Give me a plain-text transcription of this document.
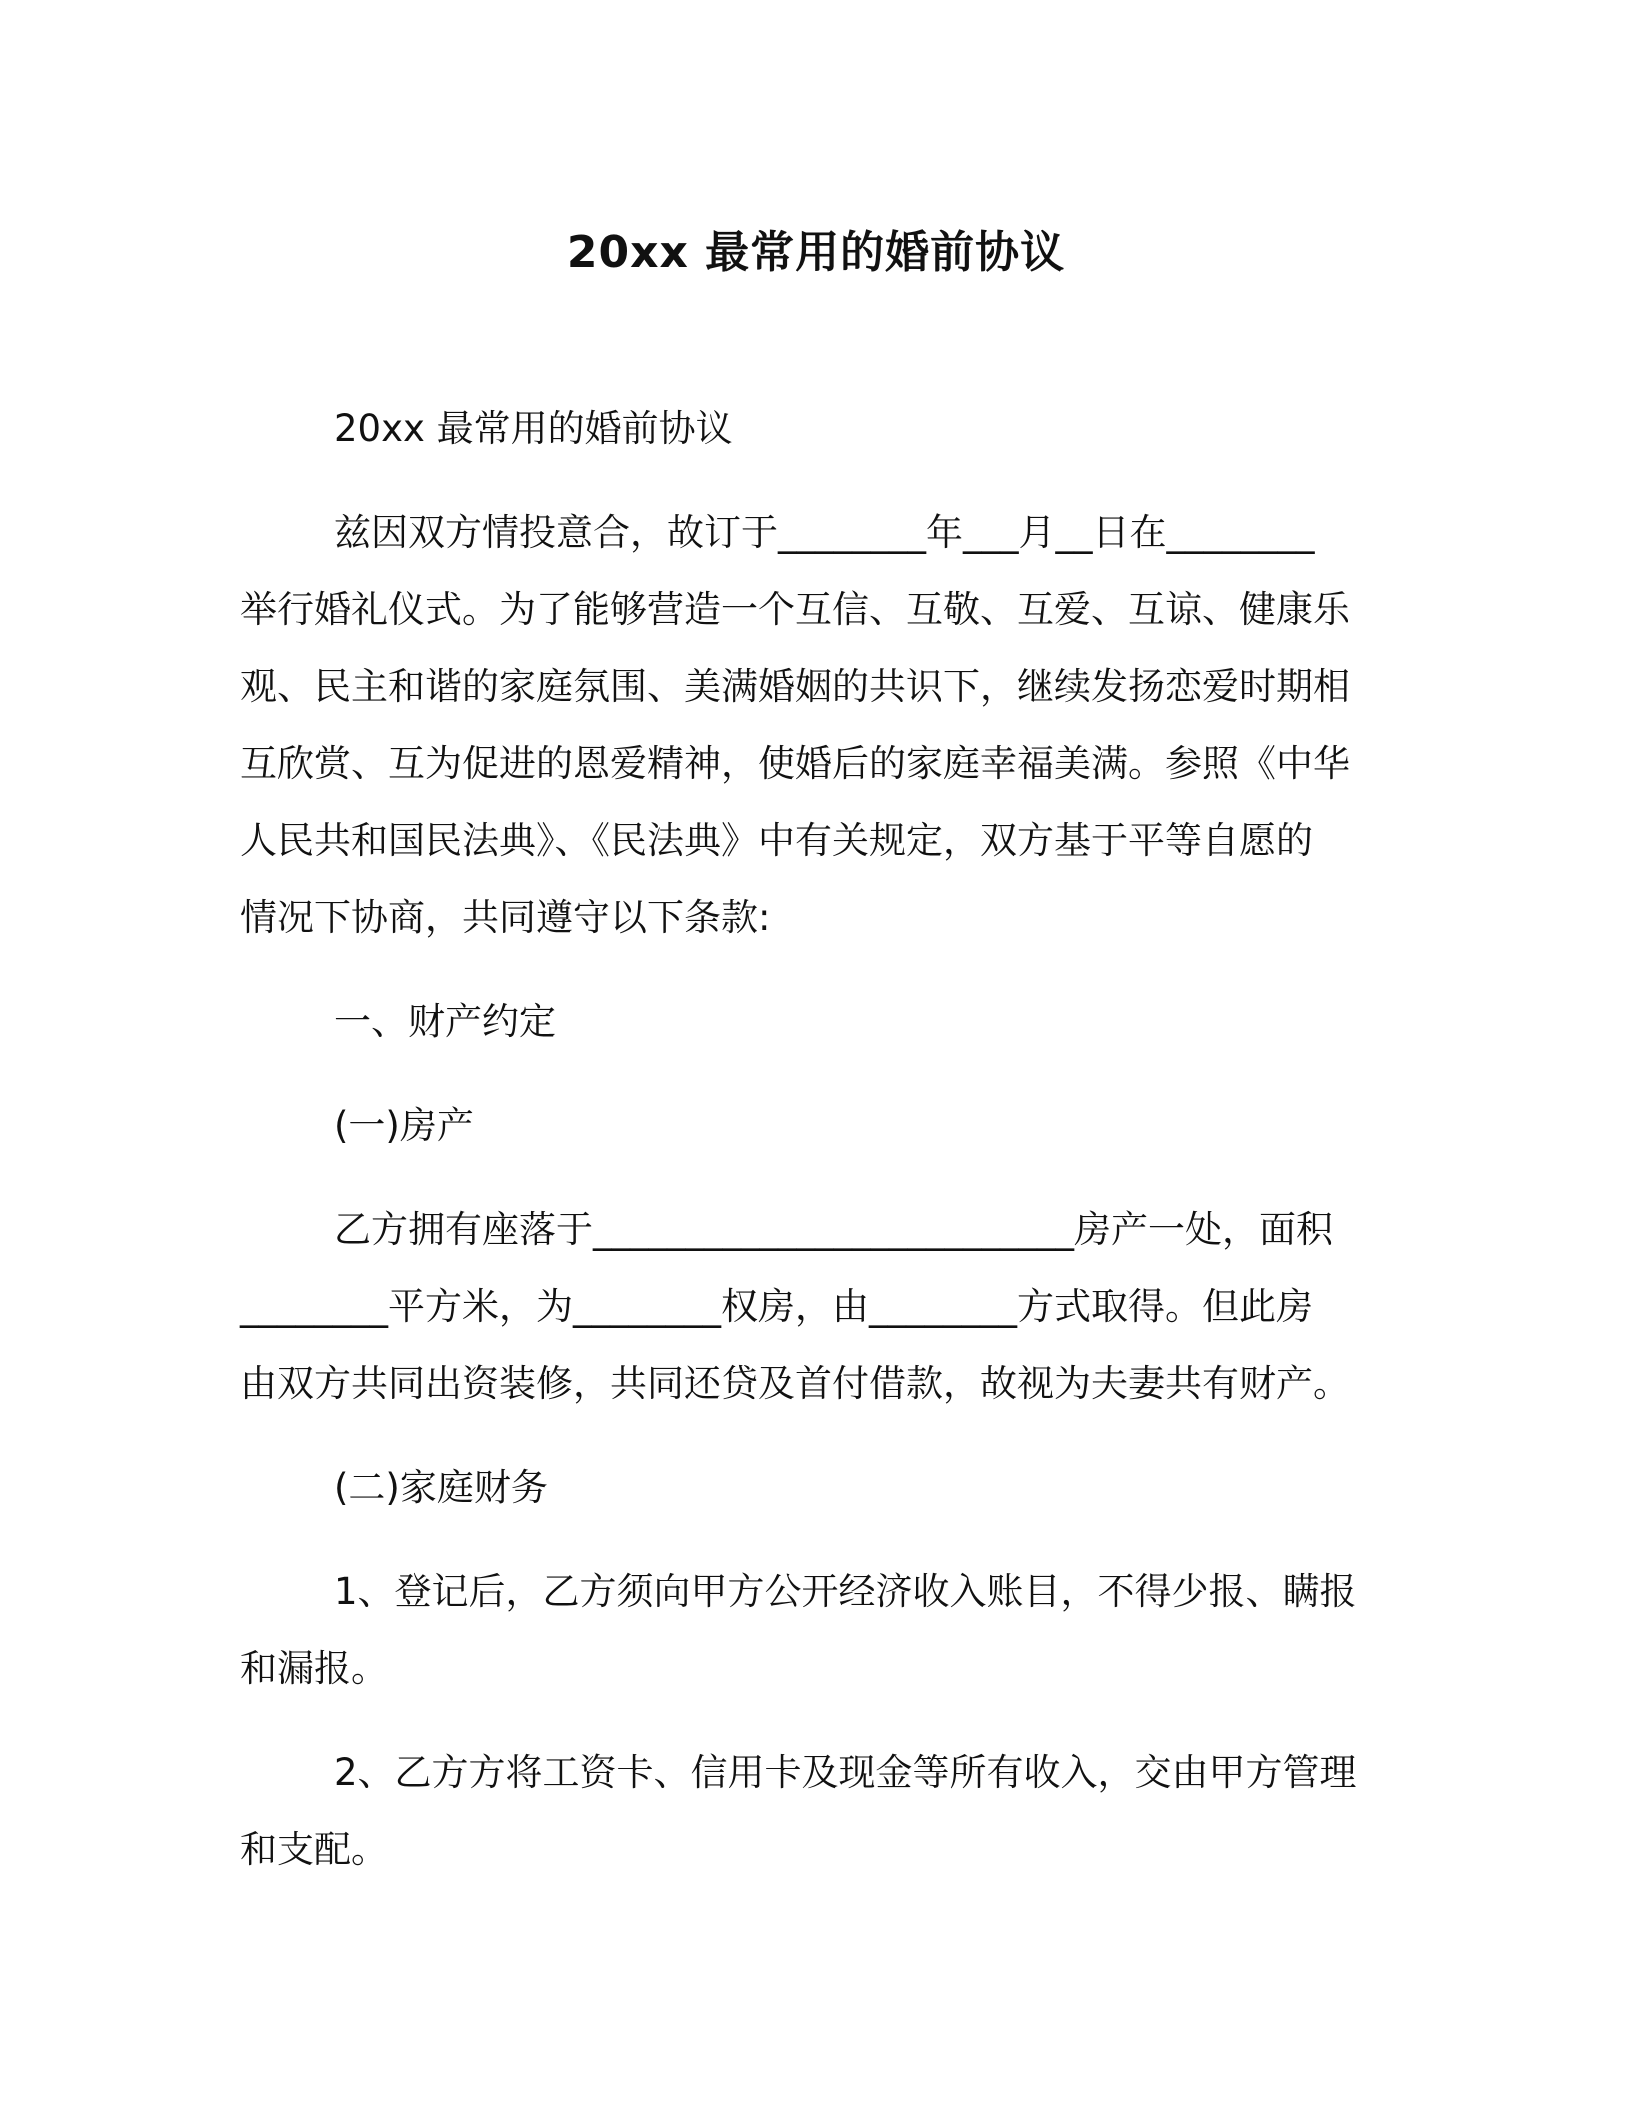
20xx 最常用的婚前协议

20xx 最常用的婚前协议

兹因双方情投意合，故订于________年___月__日在________
举行婚礼仪式。为了能够营造一个互信、互敬、互爱、互谅、健康乐
观、民主和谐的家庭氛围、美满婚姻的共识下，继续发扬恋爱时期相
互欣赏、互为促进的恩爱精神，使婚后的家庭幸福美满。参照《中华
人民共和国民法典》、《民法典》中有关规定，双方基于平等自愿的
情况下协商，共同遵守以下条款:

一、财产约定

(一)房产

乙方拥有座落于__________________________房产一处，面积
________平方米，为________权房，由________方式取得。但此房
由双方共同出资装修，共同还贷及首付借款，故视为夫妻共有财产。

(二)家庭财务

1、登记后，乙方须向甲方公开经济收入账目，不得少报、瞒报
和漏报。

2、乙方方将工资卡、信用卡及现金等所有收入，交由甲方管理
和支配。
